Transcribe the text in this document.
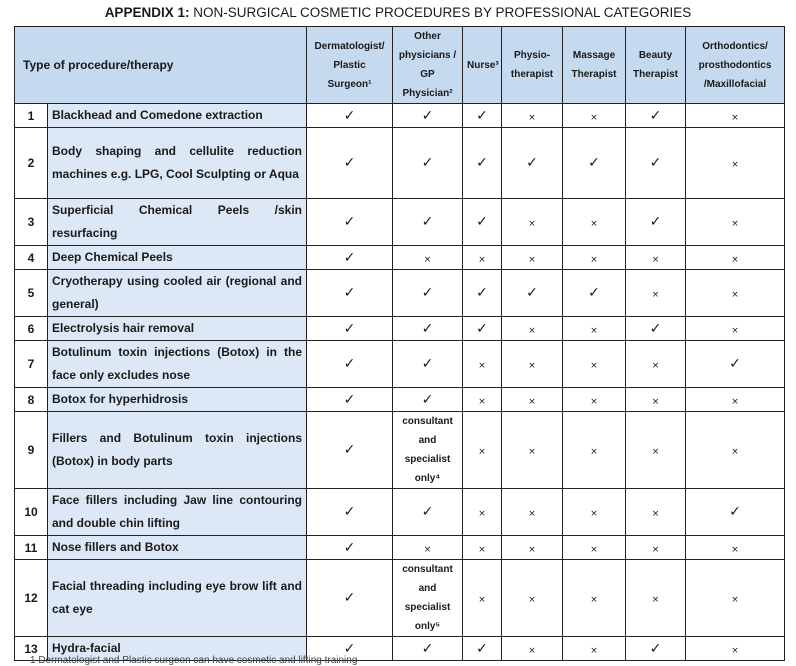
APPENDIX 1: NON-SURGICAL COSMETIC PROCEDURES BY PROFESSIONAL CATEGORIES
Type of procedure/therapy		Dermatologist/ Plastic Surgeon¹	Other physicians / GP Physician²	Nurse³	Physio- therapist	Massage Therapist	Beauty Therapist	Orthodontics/ prosthodontics /Maxillofacial
1	Blackhead and Comedone extraction	✓	✓	✓	×	×	✓	×
2	Body shaping and cellulite reduction machines e.g. LPG, Cool Sculpting or Aqua	✓	✓	✓	✓	✓	✓	×
3	Superficial Chemical Peels /skin resurfacing	✓	✓	✓	×	×	✓	×
4	Deep Chemical Peels	✓	×	×	×	×	×	×
5	Cryotherapy using cooled air (regional and general)	✓	✓	✓	✓	✓	×	×
6	Electrolysis hair removal	✓	✓	✓	×	×	✓	×
7	Botulinum toxin injections (Botox) in the face only excludes nose	✓	✓	×	×	×	×	✓
8	Botox for hyperhidrosis	✓	✓	×	×	×	×	×
9	Fillers and Botulinum toxin injections (Botox) in body parts	✓	consultant and specialist only⁴	×	×	×	×	×
10	Face fillers including Jaw line contouring and double chin lifting	✓	✓	×	×	×	×	✓
11	Nose fillers and Botox	✓	×	×	×	×	×	×
12	Facial threading including eye brow lift and cat eye	✓	consultant and specialist only⁵	×	×	×	×	×
13	Hydra-facial	✓	✓	✓	×	×	✓	×
1 Dermatologist and Plastic surgeon can have cosmetic and lifting training
